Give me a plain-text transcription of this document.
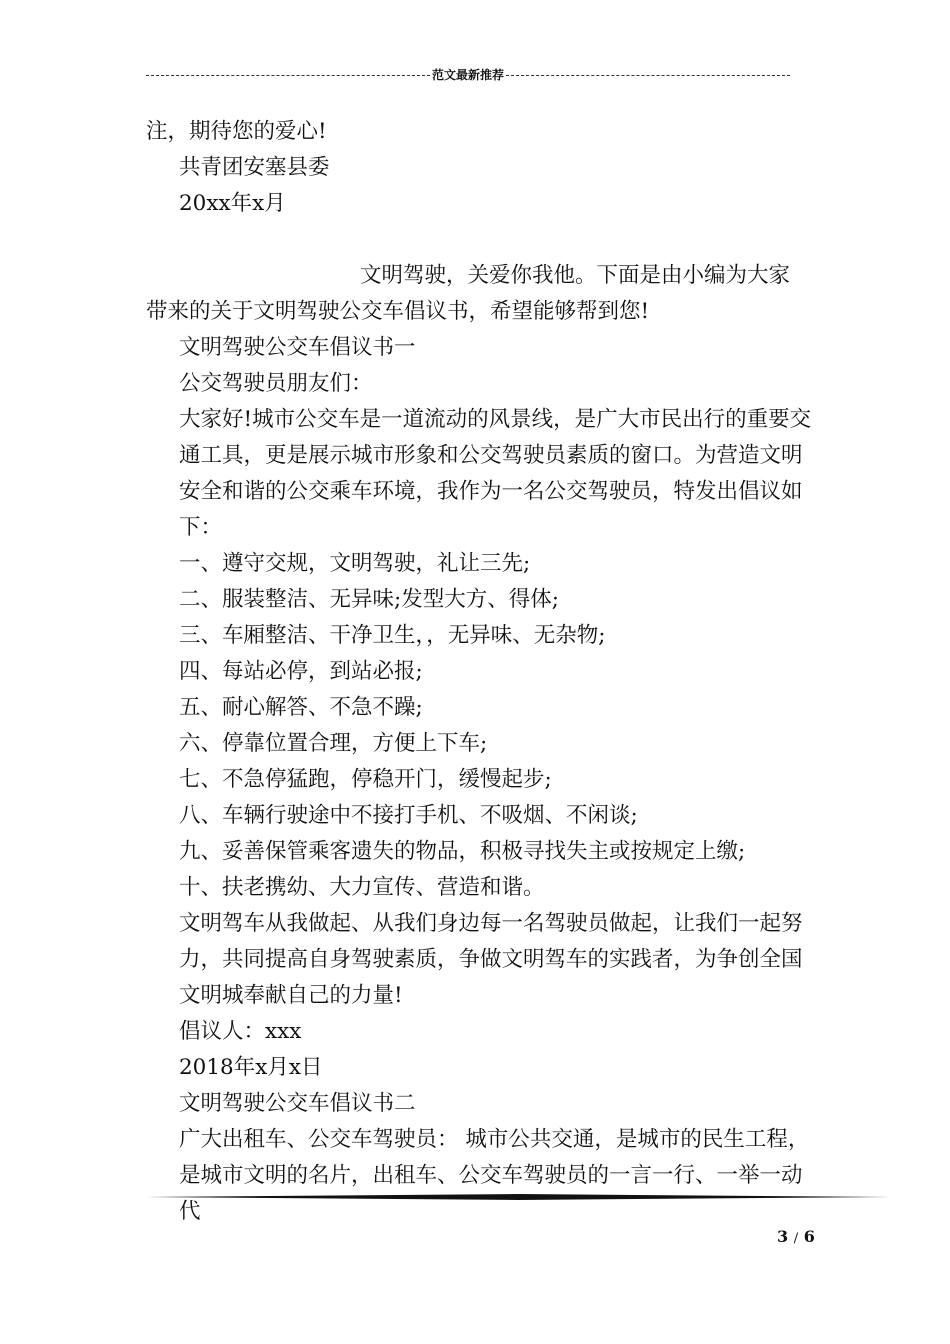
范文最新推荐

注，期待您的爱心!

共青团安塞县委

20xx年x月

文明驾驶，关爱你我他。下面是由小编为大家

带来的关于文明驾驶公交车倡议书，希望能够帮到您!

文明驾驶公交车倡议书一

公交驾驶员朋友们：

大家好!城市公交车是一道流动的风景线，是广大市民出行的重要交通工具，更是展示城市形象和公交驾驶员素质的窗口。为营造文明安全和谐的公交乘车环境，我作为一名公交驾驶员，特发出倡议如下：

一、遵守交规，文明驾驶，礼让三先;

二、服装整洁、无异味;发型大方、得体;

三、车厢整洁、干净卫生，，无异味、无杂物;

四、每站必停，到站必报;

五、耐心解答、不急不躁;

六、停靠位置合理，方便上下车;

七、不急停猛跑，停稳开门，缓慢起步;

八、车辆行驶途中不接打手机、不吸烟、不闲谈;

九、妥善保管乘客遗失的物品，积极寻找失主或按规定上缴;

十、扶老携幼、大力宣传、营造和谐。

文明驾车从我做起、从我们身边每一名驾驶员做起，让我们一起努力，共同提高自身驾驶素质，争做文明驾车的实践者，为争创全国文明城奉献自己的力量!

倡议人：xxx

2018年x月x日

文明驾驶公交车倡议书二

广大出租车、公交车驾驶员： 城市公共交通，是城市的民生工程，是城市文明的名片，出租车、公交车驾驶员的一言一行、一举一动代

3 / 6
